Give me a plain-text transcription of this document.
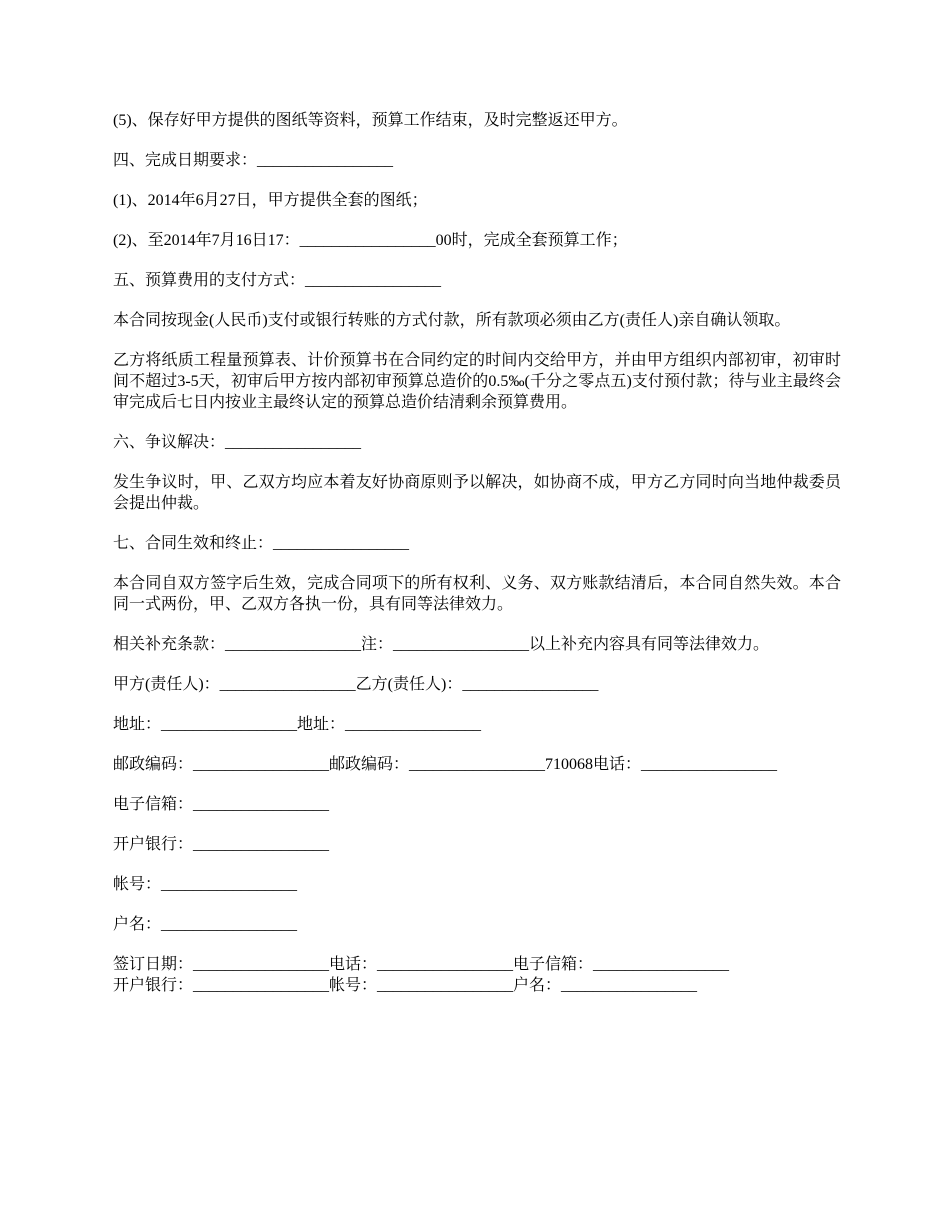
(5)、保存好甲方提供的图纸等资料，预算工作结束，及时完整返还甲方。

四、完成日期要求：_________________

(1)、2014年6月27日，甲方提供全套的图纸；

(2)、至2014年7月16日17：_________________00时，完成全套预算工作；

五、预算费用的支付方式：_________________

本合同按现金(人民币)支付或银行转账的方式付款，所有款项必须由乙方(责任人)亲自确认领取。

乙方将纸质工程量预算表、计价预算书在合同约定的时间内交给甲方，并由甲方组织内部初审，初审时间不超过3-5天，初审后甲方按内部初审预算总造价的0.5‰(千分之零点五)支付预付款；待与业主最终会审完成后七日内按业主最终认定的预算总造价结清剩余预算费用。

六、争议解决：_________________

发生争议时，甲、乙双方均应本着友好协商原则予以解决，如协商不成，甲方乙方同时向当地仲裁委员会提出仲裁。

七、合同生效和终止：_________________

本合同自双方签字后生效，完成合同项下的所有权利、义务、双方账款结清后，本合同自然失效。本合同一式两份，甲、乙双方各执一份，具有同等法律效力。

相关补充条款：_________________注：_________________以上补充内容具有同等法律效力。

甲方(责任人)：_________________乙方(责任人)：_________________

地址：_________________地址：_________________

邮政编码：_________________邮政编码：_________________710068电话：_________________

电子信箱：_________________

开户银行：_________________

帐号：_________________

户名：_________________

签订日期：_________________电话：_________________电子信箱：_________________

开户银行：_________________帐号：_________________户名：_________________
